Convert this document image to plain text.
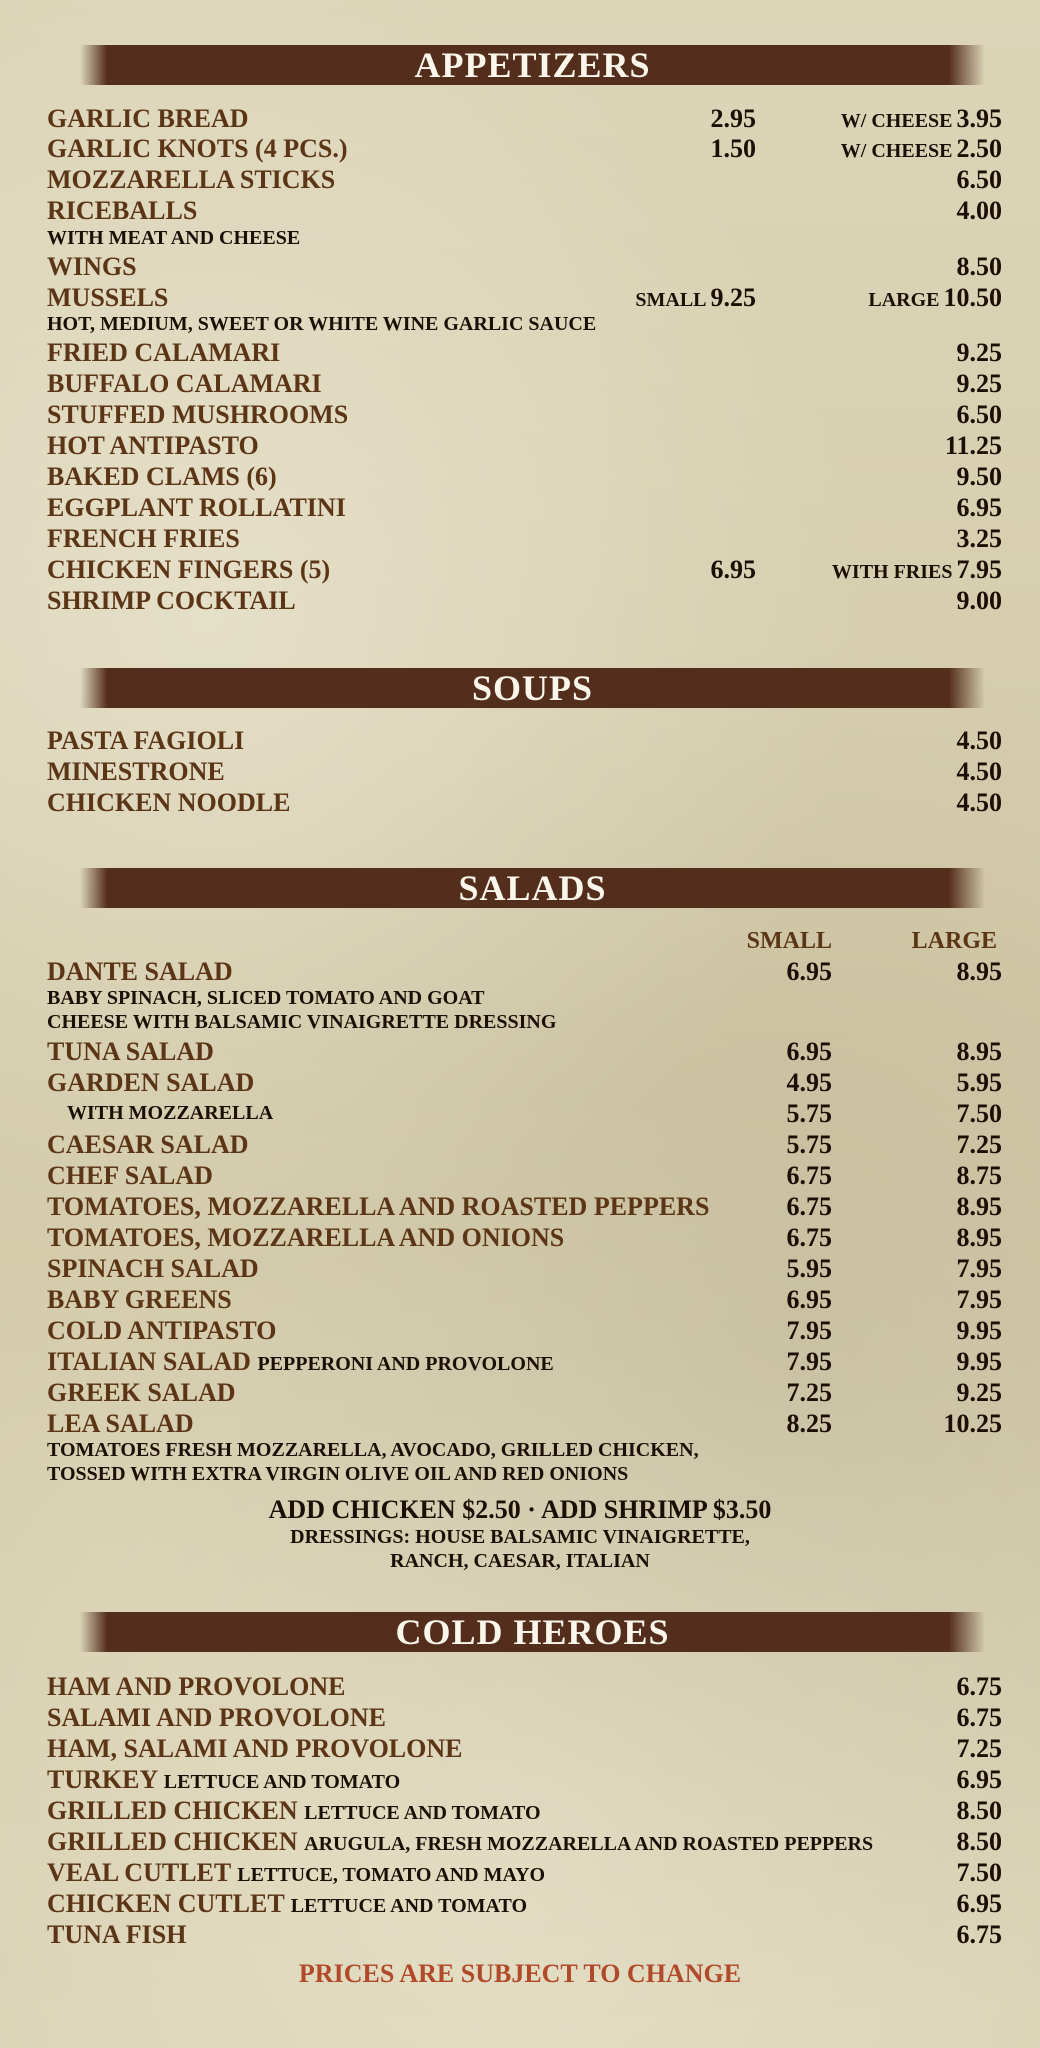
APPETIZERS
GARLIC BREAD	2.95	W/ CHEESE 3.95
GARLIC KNOTS (4 PCS.)	1.50	W/ CHEESE 2.50
MOZZARELLA STICKS	6.50
RICEBALLS	4.00
WITH MEAT AND CHEESE
WINGS	8.50
MUSSELS	SMALL 9.25	LARGE 10.50
HOT, MEDIUM, SWEET OR WHITE WINE GARLIC SAUCE
FRIED CALAMARI	9.25
BUFFALO CALAMARI	9.25
STUFFED MUSHROOMS	6.50
HOT ANTIPASTO	11.25
BAKED CLAMS (6)	9.50
EGGPLANT ROLLATINI	6.95
FRENCH FRIES	3.25
CHICKEN FINGERS (5)	6.95	WITH FRIES 7.95
SHRIMP COCKTAIL	9.00
SOUPS
PASTA FAGIOLI	4.50
MINESTRONE	4.50
CHICKEN NOODLE	4.50
SALADS
SMALL	LARGE
DANTE SALAD	6.95	8.95
BABY SPINACH, SLICED TOMATO AND GOAT
CHEESE WITH BALSAMIC VINAIGRETTE DRESSING
TUNA SALAD	6.95	8.95
GARDEN SALAD	4.95	5.95
WITH MOZZARELLA	5.75	7.50
CAESAR SALAD	5.75	7.25
CHEF SALAD	6.75	8.75
TOMATOES, MOZZARELLA AND ROASTED PEPPERS	6.75	8.95
TOMATOES, MOZZARELLA AND ONIONS	6.75	8.95
SPINACH SALAD	5.95	7.95
BABY GREENS	6.95	7.95
COLD ANTIPASTO	7.95	9.95
ITALIAN SALAD PEPPERONI AND PROVOLONE	7.95	9.95
GREEK SALAD	7.25	9.25
LEA SALAD	8.25	10.25
TOMATOES FRESH MOZZARELLA, AVOCADO, GRILLED CHICKEN,
TOSSED WITH EXTRA VIRGIN OLIVE OIL AND RED ONIONS
ADD CHICKEN $2.50 · ADD SHRIMP $3.50
DRESSINGS: HOUSE BALSAMIC VINAIGRETTE,
RANCH, CAESAR, ITALIAN
COLD HEROES
HAM AND PROVOLONE	6.75
SALAMI AND PROVOLONE	6.75
HAM, SALAMI AND PROVOLONE	7.25
TURKEY LETTUCE AND TOMATO	6.95
GRILLED CHICKEN LETTUCE AND TOMATO	8.50
GRILLED CHICKEN ARUGULA, FRESH MOZZARELLA AND ROASTED PEPPERS	8.50
VEAL CUTLET LETTUCE, TOMATO AND MAYO	7.50
CHICKEN CUTLET LETTUCE AND TOMATO	6.95
TUNA FISH	6.75
PRICES ARE SUBJECT TO CHANGE
